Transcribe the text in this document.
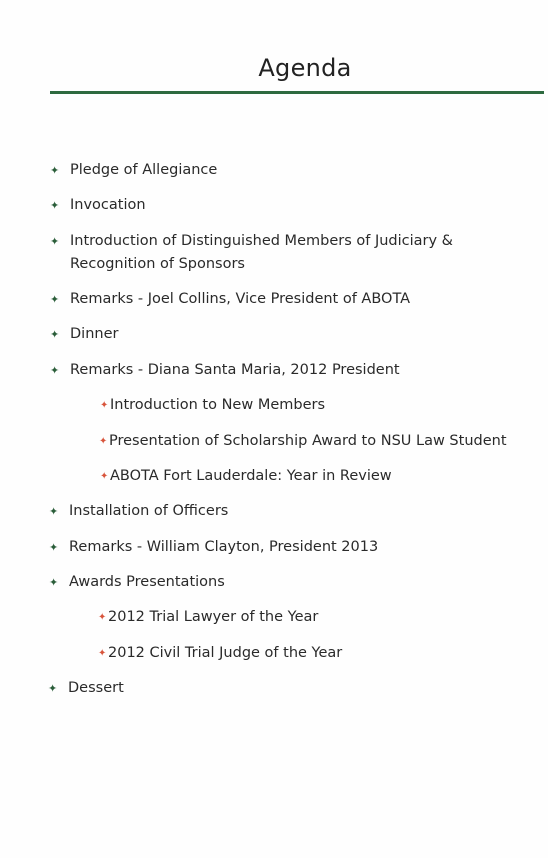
Agenda
✦ Pledge of Allegiance
✦ Invocation
✦ Introduction of Distinguished Members of Judiciary &
Recognition of Sponsors
✦ Remarks - Joel Collins, Vice President of ABOTA
✦ Dinner
✦ Remarks - Diana Santa Maria, 2012 President
✦ Introduction to New Members
✦ Presentation of Scholarship Award to NSU Law Student
✦ ABOTA Fort Lauderdale: Year in Review
✦ Installation of Officers
✦ Remarks - William Clayton, President 2013
✦ Awards Presentations
✦ 2012 Trial Lawyer of the Year
✦ 2012 Civil Trial Judge of the Year
✦ Dessert
